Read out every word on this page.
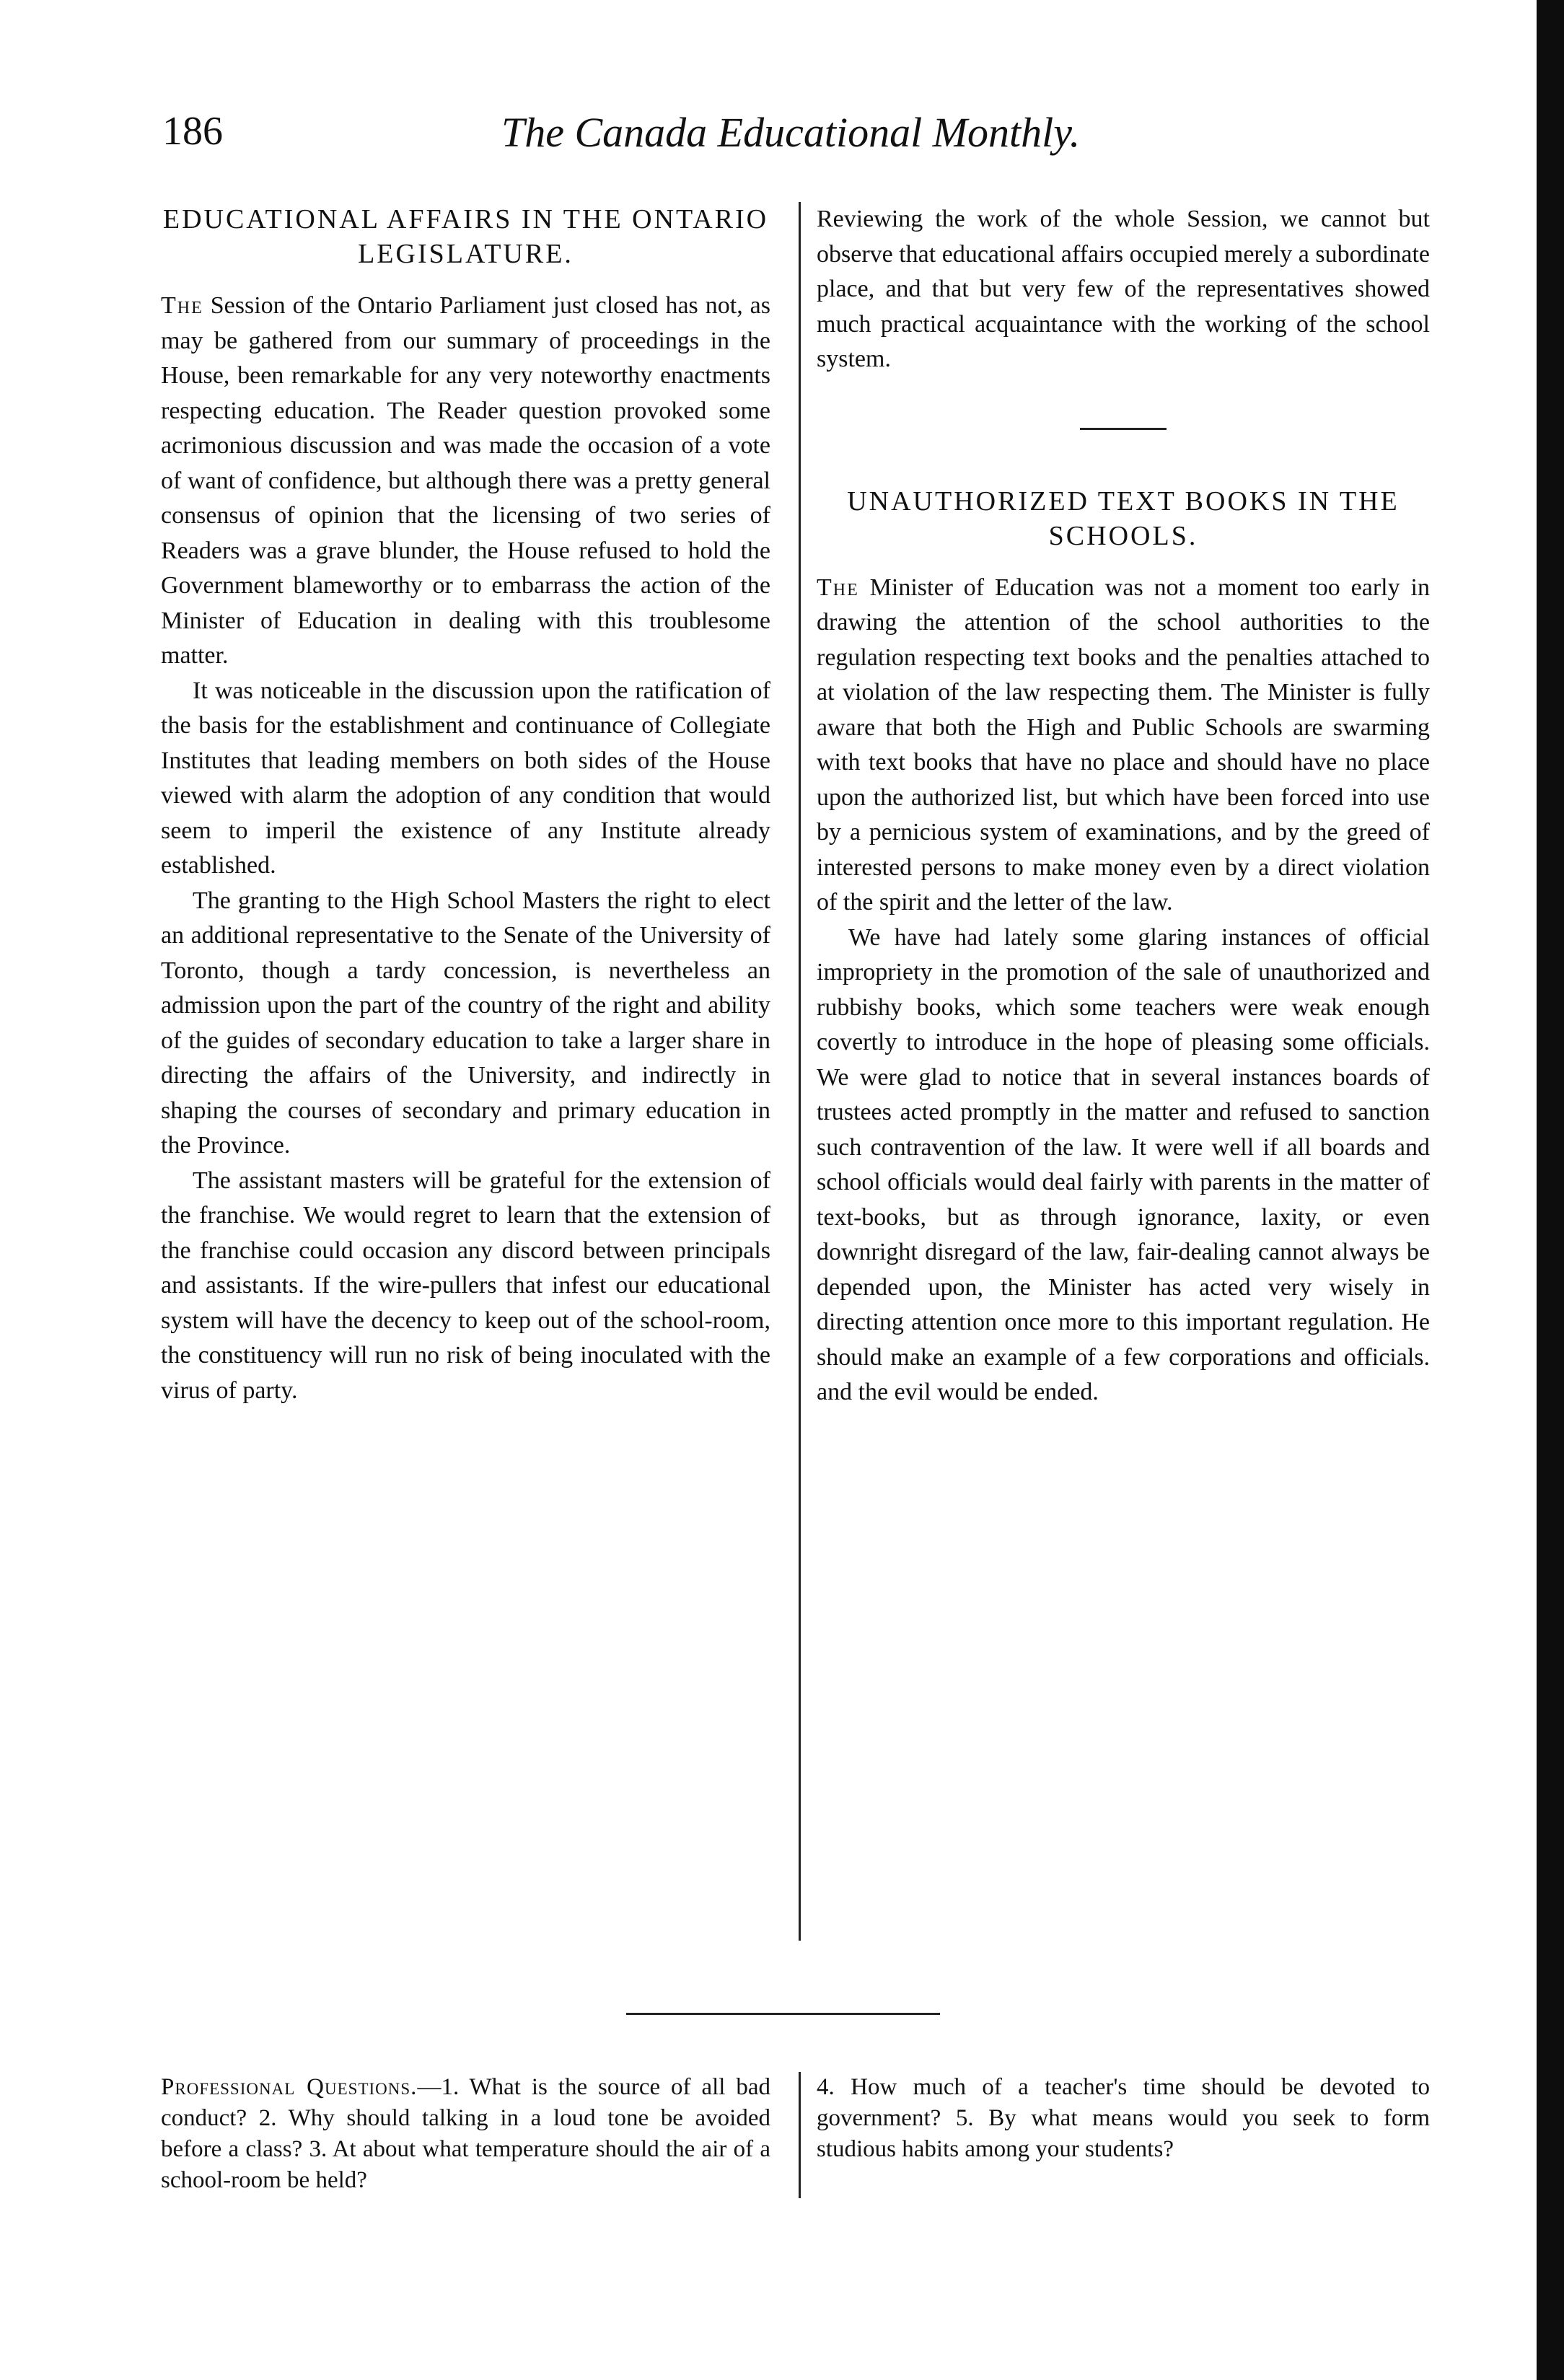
186	The Canada Educational Monthly.
EDUCATIONAL AFFAIRS IN THE ONTARIO LEGISLATURE.

The Session of the Ontario Parliament just closed has not, as may be gathered from our summary of proceedings in the House, been remarkable for any very noteworthy enactments respecting education. The Reader question provoked some acrimonious discussion and was made the occasion of a vote of want of confidence, but although there was a pretty general consensus of opinion that the licensing of two series of Readers was a grave blunder, the House refused to hold the Government blameworthy or to embarrass the action of the Minister of Education in dealing with this troublesome matter.

It was noticeable in the discussion upon the ratification of the basis for the establishment and continuance of Collegiate Institutes that leading members on both sides of the House viewed with alarm the adoption of any condition that would seem to imperil the existence of any Institute already established.

The granting to the High School Masters the right to elect an additional representative to the Senate of the University of Toronto, though a tardy concession, is nevertheless an admission upon the part of the country of the right and ability of the guides of secondary education to take a larger share in directing the affairs of the University, and indirectly in shaping the courses of secondary and primary education in the Province.

The assistant masters will be grateful for the extension of the franchise. We would regret to learn that the extension of the franchise could occasion any discord between principals and assistants. If the wire-pullers that infest our educational system will have the decency to keep out of the school-room, the constituency will run no risk of being inoculated with the virus of party.

Reviewing the work of the whole Session, we cannot but observe that educational affairs occupied merely a subordinate place, and that but very few of the representatives showed much practical acquaintance with the working of the school system.

UNAUTHORIZED TEXT BOOKS IN THE SCHOOLS.

The Minister of Education was not a moment too early in drawing the attention of the school authorities to the regulation respecting text books and the penalties attached to at violation of the law respecting them. The Minister is fully aware that both the High and Public Schools are swarming with text books that have no place and should have no place upon the authorized list, but which have been forced into use by a pernicious system of examinations, and by the greed of interested persons to make money even by a direct violation of the spirit and the letter of the law.

We have had lately some glaring instances of official impropriety in the promotion of the sale of unauthorized and rubbishy books, which some teachers were weak enough covertly to introduce in the hope of pleasing some officials. We were glad to notice that in several instances boards of trustees acted promptly in the matter and refused to sanction such contravention of the law. It were well if all boards and school officials would deal fairly with parents in the matter of text-books, but as through ignorance, laxity, or even downright disregard of the law, fair-dealing cannot always be depended upon, the Minister has acted very wisely in directing attention once more to this important regulation. He should make an example of a few corporations and officials. and the evil would be ended.

Professional Questions.—1. What is the source of all bad conduct? 2. Why should talking in a loud tone be avoided before a class? 3. At about what temperature should the air of a school-room be held?
4. How much of a teacher's time should be devoted to government? 5. By what means would you seek to form studious habits among your students?
